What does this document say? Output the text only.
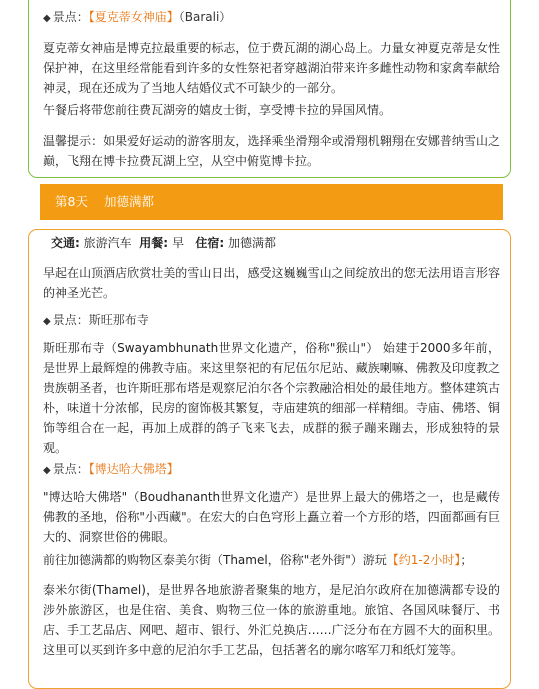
◆ 景点：【夏克蒂女神庙】（Barali）

夏克蒂女神庙是博克拉最重要的标志，位于费瓦湖的湖心岛上。力量女神夏克蒂是女性保护神，在这里经常能看到许多的女性祭祀者穿越湖泊带来许多雌性动物和家禽奉献给神灵，现在还成为了当地人结婚仪式不可缺少的一部分。

午餐后将带您前往费瓦湖旁的嬉皮士街，享受博卡拉的异国风情。

温馨提示：如果爱好运动的游客朋友，选择乘坐滑翔伞或滑翔机翱翔在安娜普纳雪山之巅，飞翔在博卡拉费瓦湖上空，从空中俯览博卡拉。

第8天 加德满都
交通: 旅游汽车 用餐: 早 住宿: 加德满都

早起在山顶酒店欣赏壮美的雪山日出，感受这巍巍雪山之间绽放出的您无法用语言形容的神圣光芒。

◆ 景点：斯旺那布寺

斯旺那布寺（Swayambhunath世界文化遗产，俗称"猴山"） 始建于2000多年前，是世界上最辉煌的佛教寺庙。来这里祭祀的有尼伍尔尼站、藏族喇嘛、佛教及印度教之贵族朝圣者，也许斯旺那布塔是观察尼泊尔各个宗教融洽相处的最佳地方。整体建筑古朴，味道十分浓郁，民房的窗饰极其繁复，寺庙建筑的细部一样精细。寺庙、佛塔、铜饰等组合在一起，再加上成群的鸽子飞来飞去，成群的猴子蹦来蹦去，形成独特的景观。

◆ 景点：【博达哈大佛塔】

"博达哈大佛塔"（Boudhananth世界文化遗产）是世界上最大的佛塔之一，也是藏传佛教的圣地，俗称"小西藏"。在宏大的白色穹形上矗立着一个方形的塔，四面都画有巨大的、洞察世俗的佛眼。

前往加德满都的购物区泰美尔街（Thamel，俗称"老外街"）游玩【约1-2小时】；

泰米尔街(Thamel)，是世界各地旅游者聚集的地方，是尼泊尔政府在加德满都专设的涉外旅游区，也是住宿、美食、购物三位一体的旅游重地。旅馆、各国风味餐厅、书店、手工艺品店、网吧、超市、银行、外汇兑换店……广泛分布在方圆不大的面积里。这里可以买到许多中意的尼泊尔手工艺品，包括著名的廓尔喀军刀和纸灯笼等。
